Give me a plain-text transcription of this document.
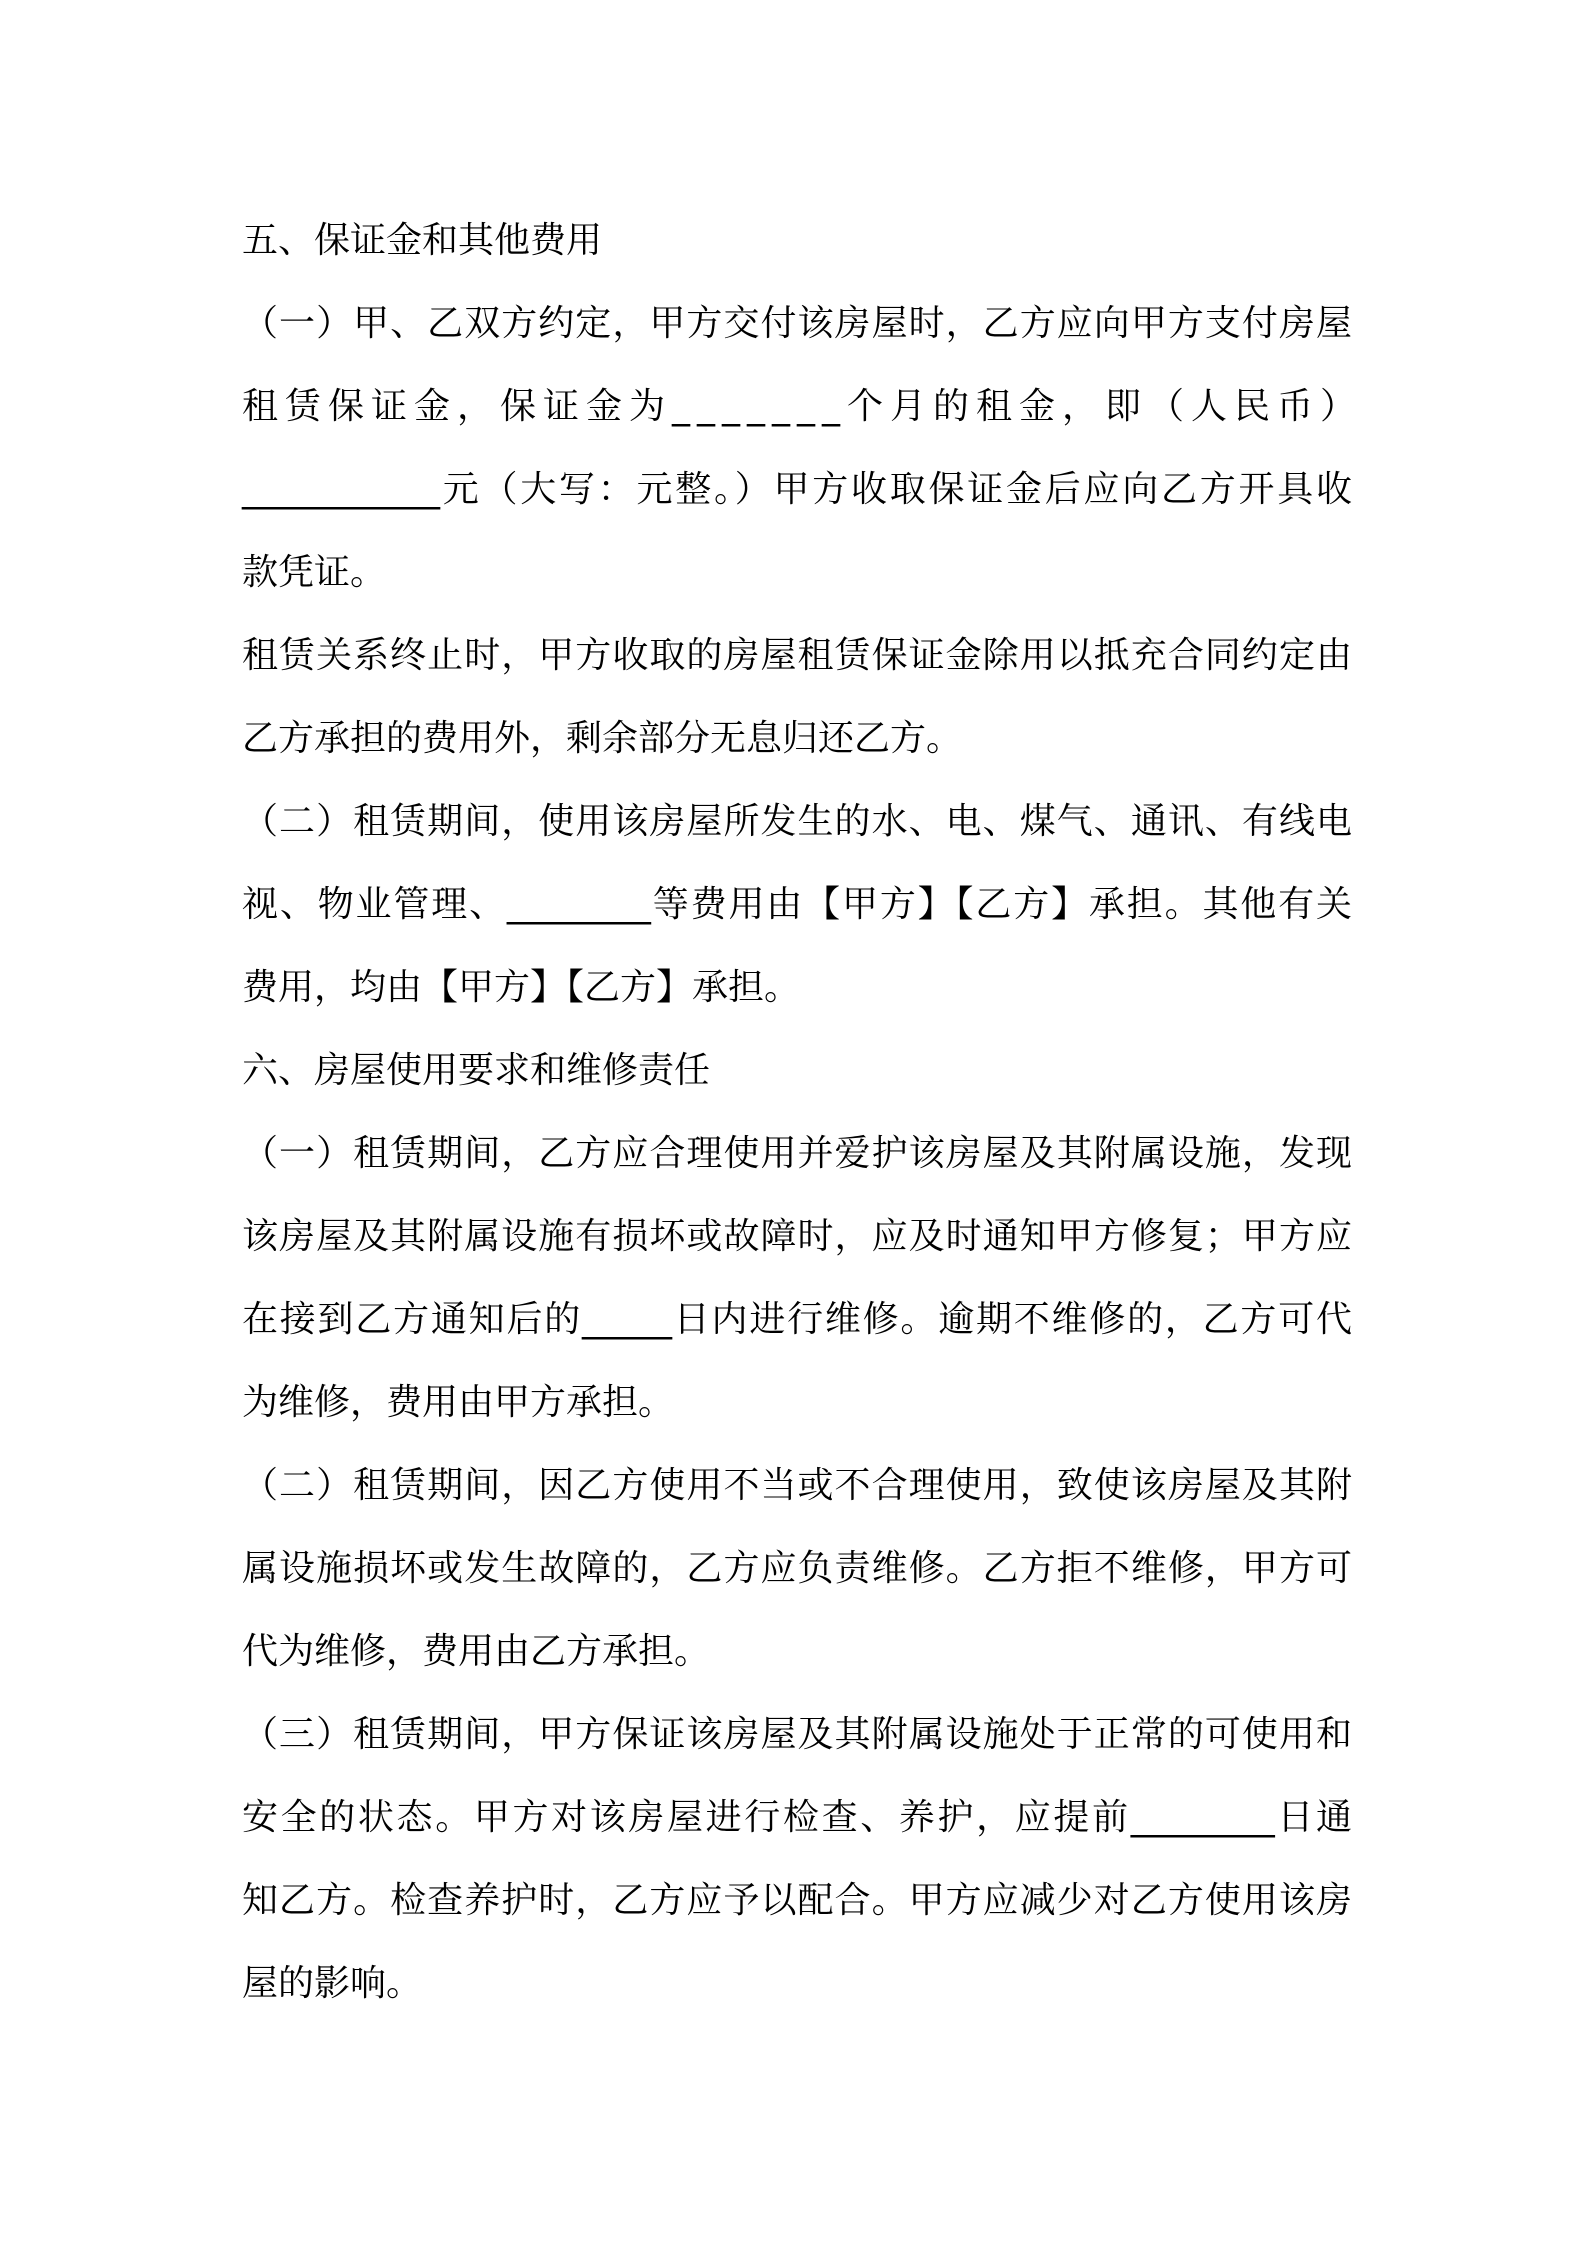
五、保证金和其他费用
（一）甲、乙双方约定，甲方交付该房屋时，乙方应向甲方支付房屋
租赁保证金，保证金为_______个月的租金，即（人民币）
___________元（大写：元整。）甲方收取保证金后应向乙方开具收
款凭证。
租赁关系终止时，甲方收取的房屋租赁保证金除用以抵充合同约定由
乙方承担的费用外，剩余部分无息归还乙方。
（二）租赁期间，使用该房屋所发生的水、电、煤气、通讯、有线电
视、物业管理、________等费用由【甲方】【乙方】承担。其他有关
费用，均由【甲方】【乙方】承担。
六、房屋使用要求和维修责任
（一）租赁期间，乙方应合理使用并爱护该房屋及其附属设施，发现
该房屋及其附属设施有损坏或故障时，应及时通知甲方修复；甲方应
在接到乙方通知后的_____日内进行维修。逾期不维修的，乙方可代
为维修，费用由甲方承担。
（二）租赁期间，因乙方使用不当或不合理使用，致使该房屋及其附
属设施损坏或发生故障的，乙方应负责维修。乙方拒不维修，甲方可
代为维修，费用由乙方承担。
（三）租赁期间，甲方保证该房屋及其附属设施处于正常的可使用和
安全的状态。甲方对该房屋进行检查、养护，应提前________日通
知乙方。检查养护时，乙方应予以配合。甲方应减少对乙方使用该房
屋的影响。
